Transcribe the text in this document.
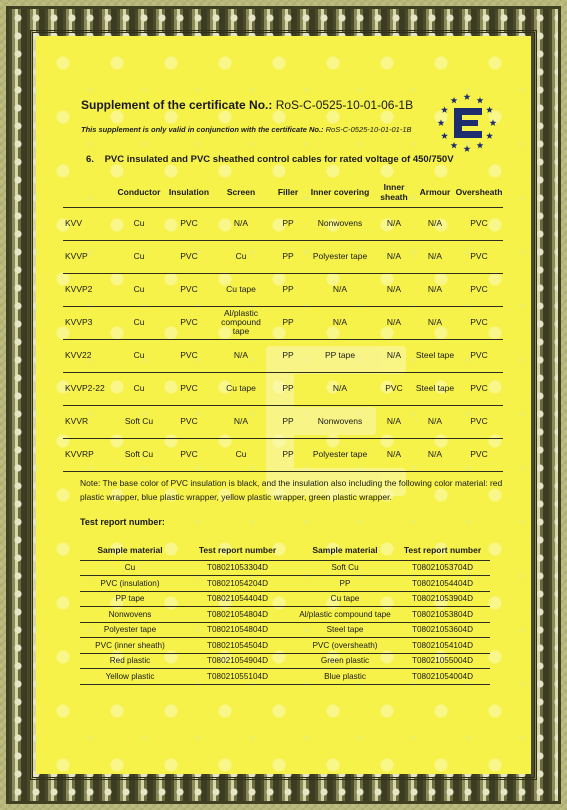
Supplement of the certificate No.: RoS-C-0525-10-01-06-1B
This supplement is only valid in conjunction with the certificate No.: RoS-C-0525-10-01-01-1B
6. PVC insulated and PVC sheathed control cables for rated voltage of 450/750V
	Conductor	Insulation	Screen	Filler	Inner covering	Inner sheath	Armour	Oversheath
KVV	Cu	PVC	N/A	PP	Nonwovens	N/A	N/A	PVC
KVVP	Cu	PVC	Cu	PP	Polyester tape	N/A	N/A	PVC
KVVP2	Cu	PVC	Cu tape	PP	N/A	N/A	N/A	PVC
KVVP3	Cu	PVC	Al/plastic compound tape	PP	N/A	N/A	N/A	PVC
KVV22	Cu	PVC	N/A	PP	PP tape	N/A	Steel tape	PVC
KVVP2-22	Cu	PVC	Cu tape	PP	N/A	PVC	Steel tape	PVC
KVVR	Soft Cu	PVC	N/A	PP	Nonwovens	N/A	N/A	PVC
KVVRP	Soft Cu	PVC	Cu	PP	Polyester tape	N/A	N/A	PVC
Note: The base color of PVC insulation is black, and the insulation also including the following color material: red plastic wrapper, blue plastic wrapper, yellow plastic wrapper, green plastic wrapper.
Test report number:
Sample material	Test report number	Sample material	Test report number
Cu	T08021053304D	Soft Cu	T08021053704D
PVC (insulation)	T08021054204D	PP	T08021054404D
PP tape	T08021054404D	Cu tape	T08021053904D
Nonwovens	T08021054804D	Al/plastic compound tape	T08021053804D
Polyester tape	T08021054804D	Steel tape	T08021053604D
PVC (inner sheath)	T08021054504D	PVC (oversheath)	T08021054104D
Red plastic	T08021054904D	Green plastic	T08021055004D
Yellow plastic	T08021055104D	Blue plastic	T08021054004D
